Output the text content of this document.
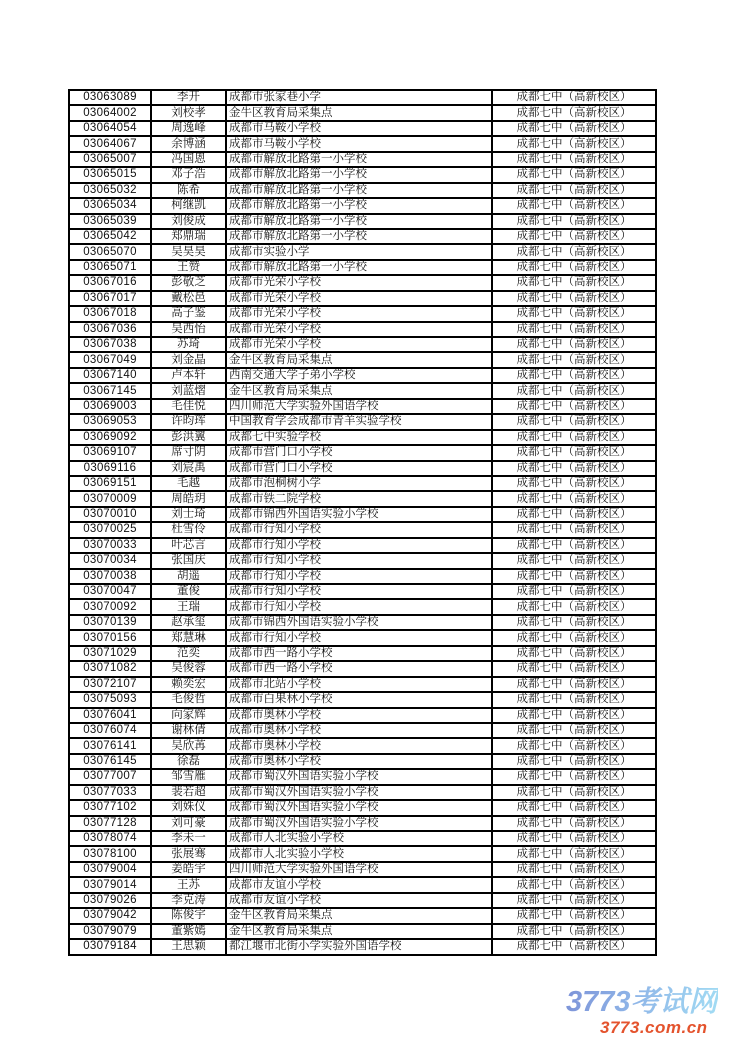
03063089	李开	成都市张家巷小学	成都七中（高新校区）
03064002	刘校孝	金牛区教育局采集点	成都七中（高新校区）
03064054	周逸峰	成都市马鞍小学校	成都七中（高新校区）
03064067	余博涵	成都市马鞍小学校	成都七中（高新校区）
03065007	冯国恩	成都市解放北路第一小学校	成都七中（高新校区）
03065015	邓子浩	成都市解放北路第一小学校	成都七中（高新校区）
03065032	陈希	成都市解放北路第一小学校	成都七中（高新校区）
03065034	柯继凯	成都市解放北路第一小学校	成都七中（高新校区）
03065039	刘俊成	成都市解放北路第一小学校	成都七中（高新校区）
03065042	郑鼎瑞	成都市解放北路第一小学校	成都七中（高新校区）
03065070	吴昊昊	成都市实验小学	成都七中（高新校区）
03065071	王赞	成都市解放北路第一小学校	成都七中（高新校区）
03067016	彭敬芝	成都市光荣小学校	成都七中（高新校区）
03067017	戴松邑	成都市光荣小学校	成都七中（高新校区）
03067018	高子鉴	成都市光荣小学校	成都七中（高新校区）
03067036	吴西怡	成都市光荣小学校	成都七中（高新校区）
03067038	苏琦	成都市光荣小学校	成都七中（高新校区）
03067049	刘金晶	金牛区教育局采集点	成都七中（高新校区）
03067140	卢本轩	西南交通大学子弟小学校	成都七中（高新校区）
03067145	刘蓝熠	金牛区教育局采集点	成都七中（高新校区）
03069003	毛佳悦	四川师范大学实验外国语学校	成都七中（高新校区）
03069053	许昀珲	中国教育学会成都市青羊实验学校	成都七中（高新校区）
03069092	彭洪翼	成都七中实验学校	成都七中（高新校区）
03069107	席寸阴	成都市营门口小学校	成都七中（高新校区）
03069116	刘宸禹	成都市营门口小学校	成都七中（高新校区）
03069151	毛越	成都市泡桐树小学	成都七中（高新校区）
03070009	周皓玥	成都市铁二院学校	成都七中（高新校区）
03070010	刘士琦	成都市锦西外国语实验小学校	成都七中（高新校区）
03070025	杜雪伶	成都市行知小学校	成都七中（高新校区）
03070033	叶芯言	成都市行知小学校	成都七中（高新校区）
03070034	张国庆	成都市行知小学校	成都七中（高新校区）
03070038	胡遥	成都市行知小学校	成都七中（高新校区）
03070047	董俊	成都市行知小学校	成都七中（高新校区）
03070092	王瑞	成都市行知小学校	成都七中（高新校区）
03070139	赵承玺	成都市锦西外国语实验小学校	成都七中（高新校区）
03070156	郑慧琳	成都市行知小学校	成都七中（高新校区）
03071029	范奕	成都市西一路小学校	成都七中（高新校区）
03071082	吴俊蓉	成都市西一路小学校	成都七中（高新校区）
03072107	赖奕宏	成都市北站小学校	成都七中（高新校区）
03075093	毛俊哲	成都市白果林小学校	成都七中（高新校区）
03076041	向家辉	成都市奥林小学校	成都七中（高新校区）
03076074	谢林倩	成都市奥林小学校	成都七中（高新校区）
03076141	吴欣苒	成都市奥林小学校	成都七中（高新校区）
03076145	徐磊	成都市奥林小学校	成都七中（高新校区）
03077007	邹雪雁	成都市蜀汉外国语实验小学校	成都七中（高新校区）
03077033	裴若超	成都市蜀汉外国语实验小学校	成都七中（高新校区）
03077102	刘姝仪	成都市蜀汉外国语实验小学校	成都七中（高新校区）
03077128	刘可豪	成都市蜀汉外国语实验小学校	成都七中（高新校区）
03078074	李未一	成都市人北实验小学校	成都七中（高新校区）
03078100	张展骞	成都市人北实验小学校	成都七中（高新校区）
03079004	姜皓宇	四川师范大学实验外国语学校	成都七中（高新校区）
03079014	王苏	成都市友谊小学校	成都七中（高新校区）
03079026	李克涛	成都市友谊小学校	成都七中（高新校区）
03079042	陈俊宇	金牛区教育局采集点	成都七中（高新校区）
03079079	董紫嫣	金牛区教育局采集点	成都七中（高新校区）
03079184	王思颖	都江堰市北街小学实验外国语学校	成都七中（高新校区）
3773考试网
3773.com.cn
